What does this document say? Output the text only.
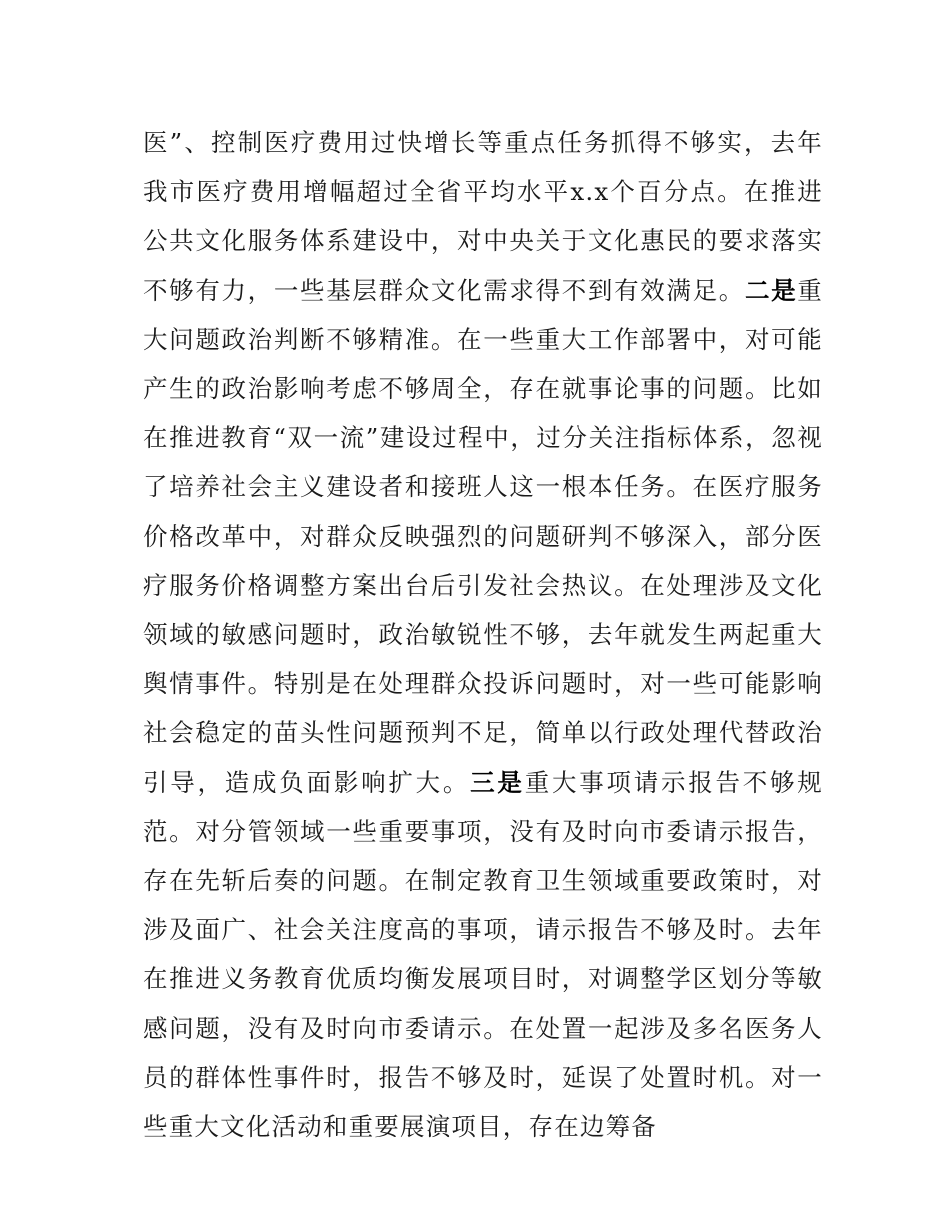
医”、控制医疗费用过快增长等重点任务抓得不够实，去年我市医疗费用增幅超过全省平均水平x.x个百分点。在推进公共文化服务体系建设中，对中央关于文化惠民的要求落实不够有力，一些基层群众文化需求得不到有效满足。二是重大问题政治判断不够精准。在一些重大工作部署中，对可能产生的政治影响考虑不够周全，存在就事论事的问题。比如在推进教育“双一流”建设过程中，过分关注指标体系，忽视了培养社会主义建设者和接班人这一根本任务。在医疗服务价格改革中，对群众反映强烈的问题研判不够深入，部分医疗服务价格调整方案出台后引发社会热议。在处理涉及文化领域的敏感问题时，政治敏锐性不够，去年就发生两起重大舆情事件。特别是在处理群众投诉问题时，对一些可能影响社会稳定的苗头性问题预判不足，简单以行政处理代替政治引导，造成负面影响扩大。三是重大事项请示报告不够规范。对分管领域一些重要事项，没有及时向市委请示报告，存在先斩后奏的问题。在制定教育卫生领域重要政策时，对涉及面广、社会关注度高的事项，请示报告不够及时。去年在推进义务教育优质均衡发展项目时，对调整学区划分等敏感问题，没有及时向市委请示。在处置一起涉及多名医务人员的群体性事件时，报告不够及时，延误了处置时机。对一些重大文化活动和重要展演项目，存在边筹备
